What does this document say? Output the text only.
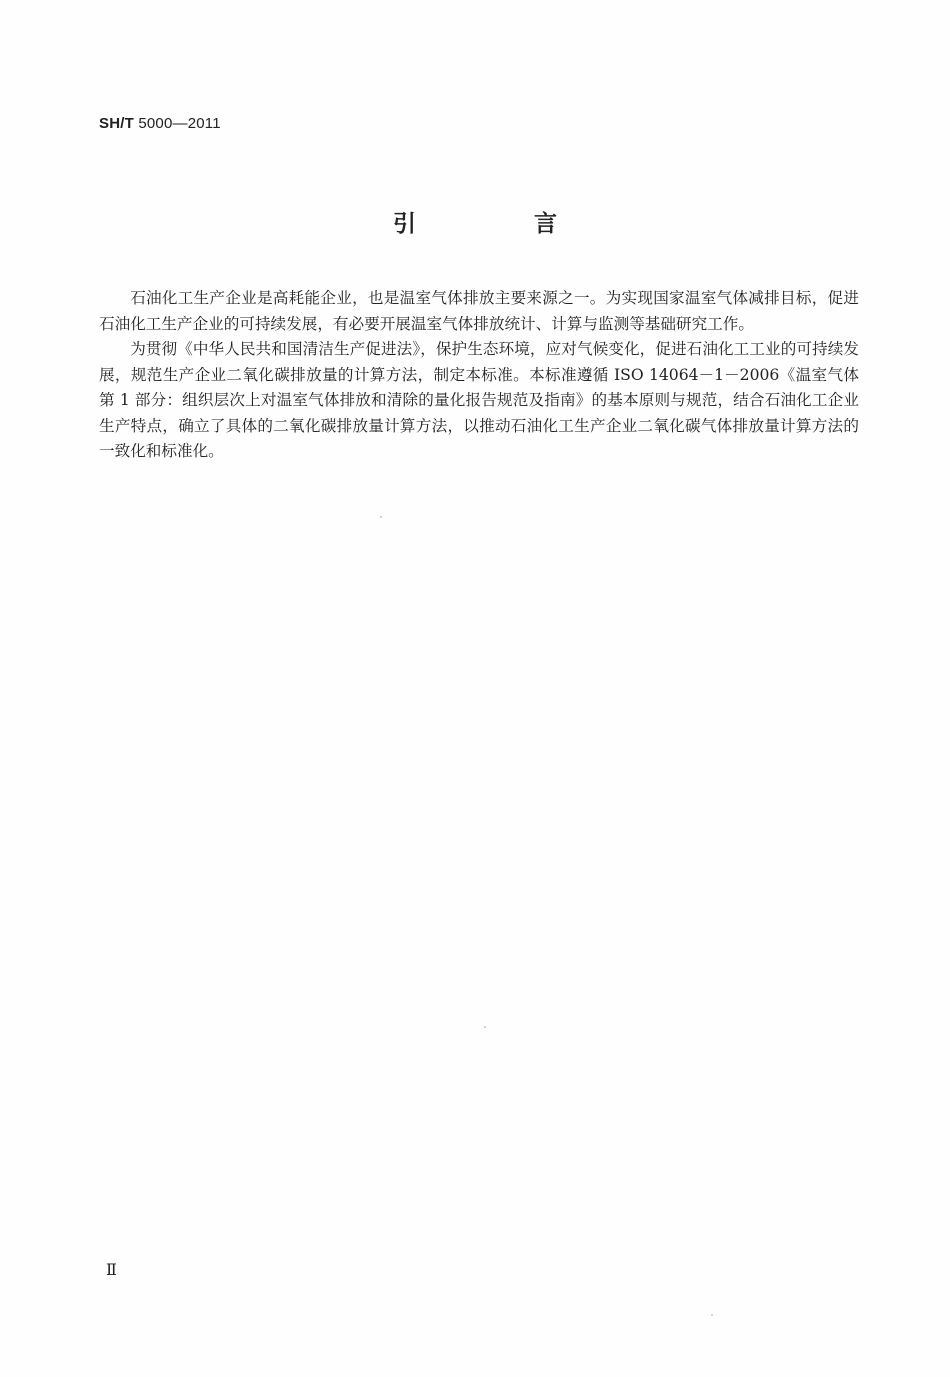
SH/T 5000—2011
引 言

石油化工生产企业是高耗能企业，也是温室气体排放主要来源之一。为实现国家温室气体减排目标，促进石油化工生产企业的可持续发展，有必要开展温室气体排放统计、计算与监测等基础研究工作。

为贯彻《中华人民共和国清洁生产促进法》，保护生态环境，应对气候变化，促进石油化工工业的可持续发展，规范生产企业二氧化碳排放量的计算方法，制定本标准。本标准遵循 ISO 14064－1－2006《温室气体　第 1 部分：组织层次上对温室气体排放和清除的量化报告规范及指南》的基本原则与规范，结合石油化工企业生产特点，确立了具体的二氧化碳排放量计算方法，以推动石油化工生产企业二氧化碳气体排放量计算方法的一致化和标准化。

Ⅱ
